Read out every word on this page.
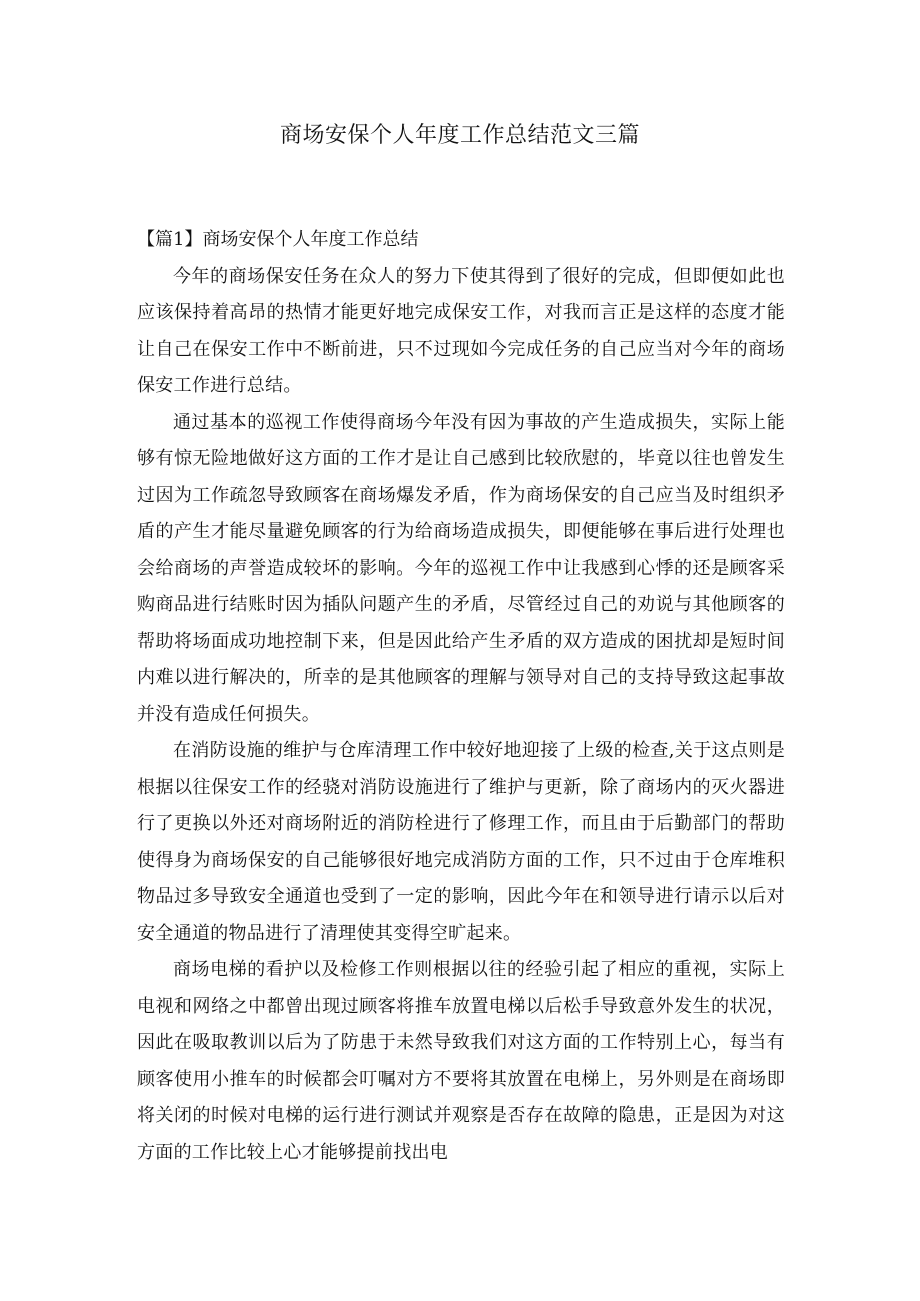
商场安保个人年度工作总结范文三篇

【篇1】商场安保个人年度工作总结

今年的商场保安任务在众人的努力下使其得到了很好的完成，但即便如此也应该保持着高昂的热情才能更好地完成保安工作，对我而言正是这样的态度才能让自己在保安工作中不断前进，只不过现如今完成任务的自己应当对今年的商场保安工作进行总结。

通过基本的巡视工作使得商场今年没有因为事故的产生造成损失，实际上能够有惊无险地做好这方面的工作才是让自己感到比较欣慰的，毕竟以往也曾发生过因为工作疏忽导致顾客在商场爆发矛盾，作为商场保安的自己应当及时组织矛盾的产生才能尽量避免顾客的行为给商场造成损失，即便能够在事后进行处理也会给商场的声誉造成较坏的影响。今年的巡视工作中让我感到心悸的还是顾客采购商品进行结账时因为插队问题产生的矛盾，尽管经过自己的劝说与其他顾客的帮助将场面成功地控制下来，但是因此给产生矛盾的双方造成的困扰却是短时间内难以进行解决的，所幸的是其他顾客的理解与领导对自己的支持导致这起事故并没有造成任何损失。

在消防设施的维护与仓库清理工作中较好地迎接了上级的检查,关于这点则是根据以往保安工作的经骁对消防设施进行了维护与更新，除了商场内的灭火器进行了更换以外还对商场附近的消防栓进行了修理工作，而且由于后勤部门的帮助使得身为商场保安的自己能够很好地完成消防方面的工作，只不过由于仓库堆积物品过多导致安全通道也受到了一定的影响，因此今年在和领导进行请示以后对安全通道的物品进行了清理使其变得空旷起来。

商场电梯的看护以及检修工作则根据以往的经验引起了相应的重视，实际上电视和网络之中都曾出现过顾客将推车放置电梯以后松手导致意外发生的状况，因此在吸取教训以后为了防患于未然导致我们对这方面的工作特别上心，每当有顾客使用小推车的时候都会叮嘱对方不要将其放置在电梯上，另外则是在商场即将关闭的时候对电梯的运行进行测试并观察是否存在故障的隐患，正是因为对这方面的工作比较上心才能够提前找出电
